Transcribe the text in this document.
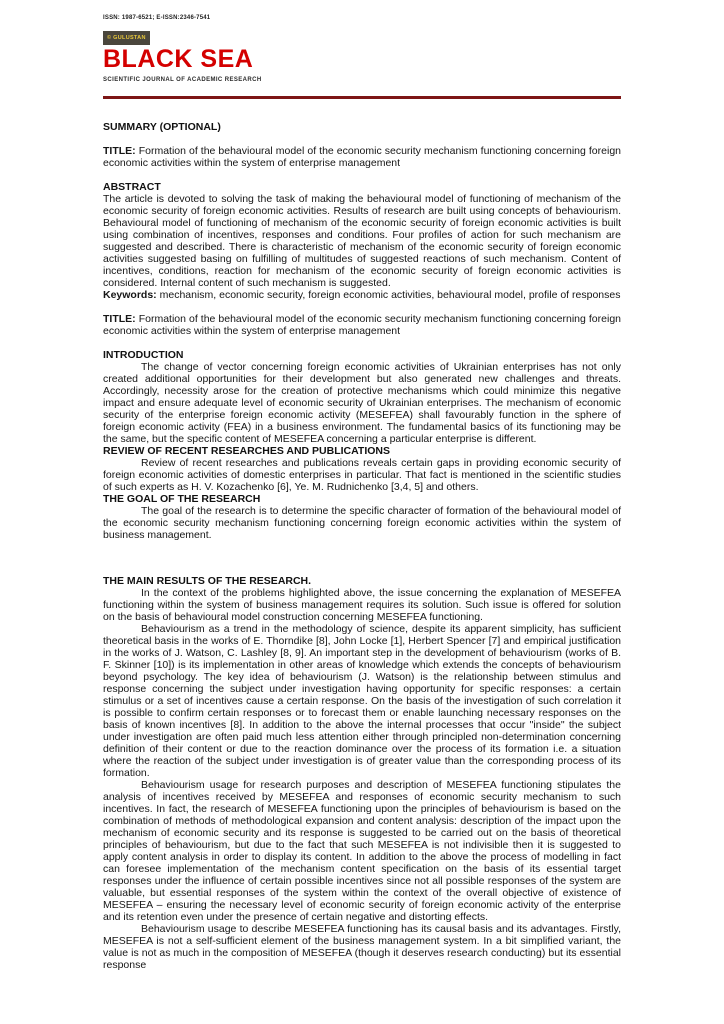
ISSN: 1987-6521; E-ISSN:2346-7541
© GULUSTAN
BLACK SEA
SCIENTIFIC JOURNAL OF ACADEMIC RESEARCH
SUMMARY (OPTIONAL)

TITLE: Formation of the behavioural model of the economic security mechanism functioning concerning foreign economic activities within the system of enterprise management

ABSTRACT

The article is devoted to solving the task of making the behavioural model of functioning of mechanism of the economic security of foreign economic activities. Results of research are built using concepts of behaviourism. Behavioural model of functioning of mechanism of the economic security of foreign economic activities is built using combination of incentives, responses and conditions. Four profiles of action for such mechanism are suggested and described. There is characteristic of mechanism of the economic security of foreign economic activities suggested basing on fulfilling of multitudes of suggested reactions of such mechanism. Content of incentives, conditions, reaction for mechanism of the economic security of foreign economic activities is considered. Internal content of such mechanism is suggested.

Keywords: mechanism, economic security, foreign economic activities, behavioural model, profile of responses

TITLE: Formation of the behavioural model of the economic security mechanism functioning concerning foreign economic activities within the system of enterprise management

INTRODUCTION

The change of vector concerning foreign economic activities of Ukrainian enterprises has not only created additional opportunities for their development but also generated new challenges and threats. Accordingly, necessity arose for the creation of protective mechanisms which could minimize this negative impact and ensure adequate level of economic security of Ukrainian enterprises. The mechanism of economic security of the enterprise foreign economic activity (MESEFEA) shall favourably function in the sphere of foreign economic activity (FEA) in a business environment. The fundamental basics of its functioning may be the same, but the specific content of MESEFEA concerning a particular enterprise is different.

REVIEW OF RECENT RESEARCHES AND PUBLICATIONS

Review of recent researches and publications reveals certain gaps in providing economic security of foreign economic activities of domestic enterprises in particular. That fact is mentioned in the scientific studies of such experts as H. V. Kozachenko [6], Ye. M. Rudnichenko [3,4, 5] and others.

THE GOAL OF THE RESEARCH

The goal of the research is to determine the specific character of formation of the behavioural model of the economic security mechanism functioning concerning foreign economic activities within the system of business management.

THE MAIN RESULTS OF THE RESEARCH.

In the context of the problems highlighted above, the issue concerning the explanation of MESEFEA functioning within the system of business management requires its solution. Such issue is offered for solution on the basis of behavioural model construction concerning MESEFEA functioning.

Behaviourism as a trend in the methodology of science, despite its apparent simplicity, has sufficient theoretical basis in the works of E. Thorndike [8], John Locke [1], Herbert Spencer [7] and empirical justification in the works of J. Watson, C. Lashley [8, 9]. An important step in the development of behaviourism (works of B. F. Skinner [10]) is its implementation in other areas of knowledge which extends the concepts of behaviourism beyond psychology. The key idea of behaviourism (J. Watson) is the relationship between stimulus and response concerning the subject under investigation having opportunity for specific responses: a certain stimulus or a set of incentives cause a certain response. On the basis of the investigation of such correlation it is possible to confirm certain responses or to forecast them or enable launching necessary responses on the basis of known incentives [8]. In addition to the above the internal processes that occur "inside" the subject under investigation are often paid much less attention either through principled non-determination concerning definition of their content or due to the reaction dominance over the process of its formation i.e. a situation where the reaction of the subject under investigation is of greater value than the corresponding process of its formation.

Behaviourism usage for research purposes and description of MESEFEA functioning stipulates the analysis of incentives received by MESEFEA and responses of economic security mechanism to such incentives. In fact, the research of MESEFEA functioning upon the principles of behaviourism is based on the combination of methods of methodological expansion and content analysis: description of the impact upon the mechanism of economic security and its response is suggested to be carried out on the basis of theoretical principles of behaviourism, but due to the fact that such MESEFEA is not indivisible then it is suggested to apply content analysis in order to display its content. In addition to the above the process of modelling in fact can foresee implementation of the mechanism content specification on the basis of its essential target responses under the influence of certain possible incentives since not all possible responses of the system are valuable, but essential responses of the system within the context of the overall objective of existence of MESEFEA – ensuring the necessary level of economic security of foreign economic activity of the enterprise and its retention even under the presence of certain negative and distorting effects.

Behaviourism usage to describe MESEFEA functioning has its causal basis and its advantages. Firstly, MESEFEA is not a self-sufficient element of the business management system. In a bit simplified variant, the value is not as much in the composition of MESEFEA (though it deserves research conducting) but its essential response
